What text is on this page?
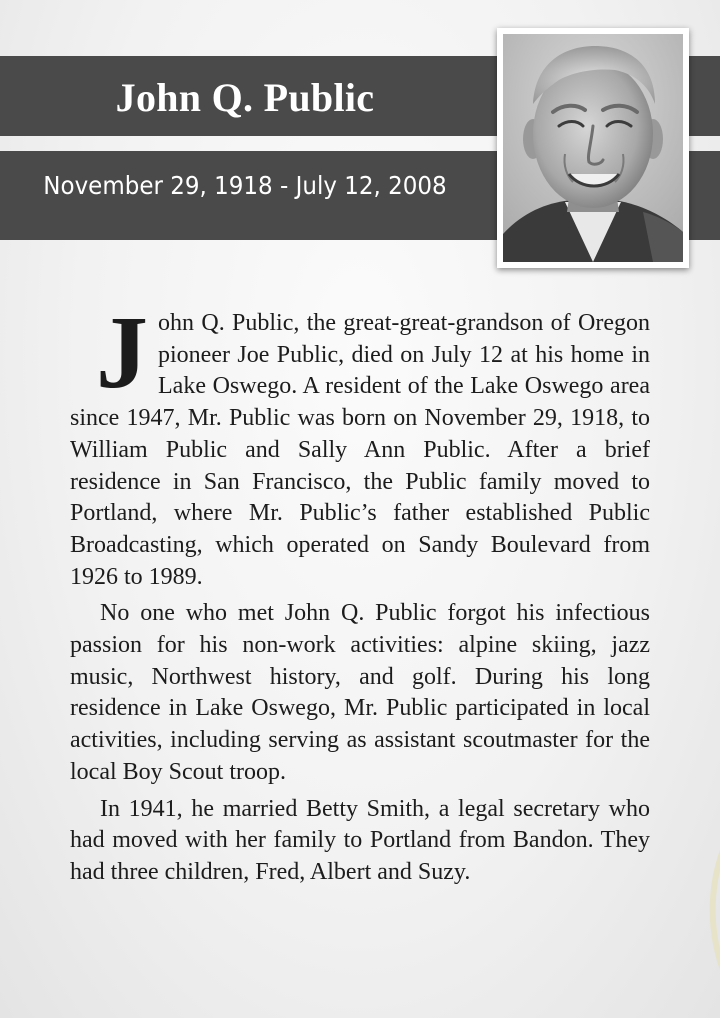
John Q. Public
November 29, 1918 - July 12, 2008

John Q. Public, the great-great-grandson of Oregon pioneer Joe Public, died on July 12 at his home in Lake Oswego. A resident of the Lake Oswego area since 1947, Mr. Public was born on November 29, 1918, to William Public and Sally Ann Public. After a brief residence in San Francisco, the Public family moved to Portland, where Mr. Public’s father established Public Broadcasting, which operated on Sandy Boulevard from 1926 to 1989.

No one who met John Q. Public forgot his infectious passion for his non-work activities: alpine skiing, jazz music, Northwest history, and golf. During his long residence in Lake Oswego, Mr. Public participated in local activities, including serving as assistant scoutmaster for the local Boy Scout troop.

In 1941, he married Betty Smith, a legal secretary who had moved with her family to Portland from Bandon. They had three children, Fred, Albert and Suzy.
